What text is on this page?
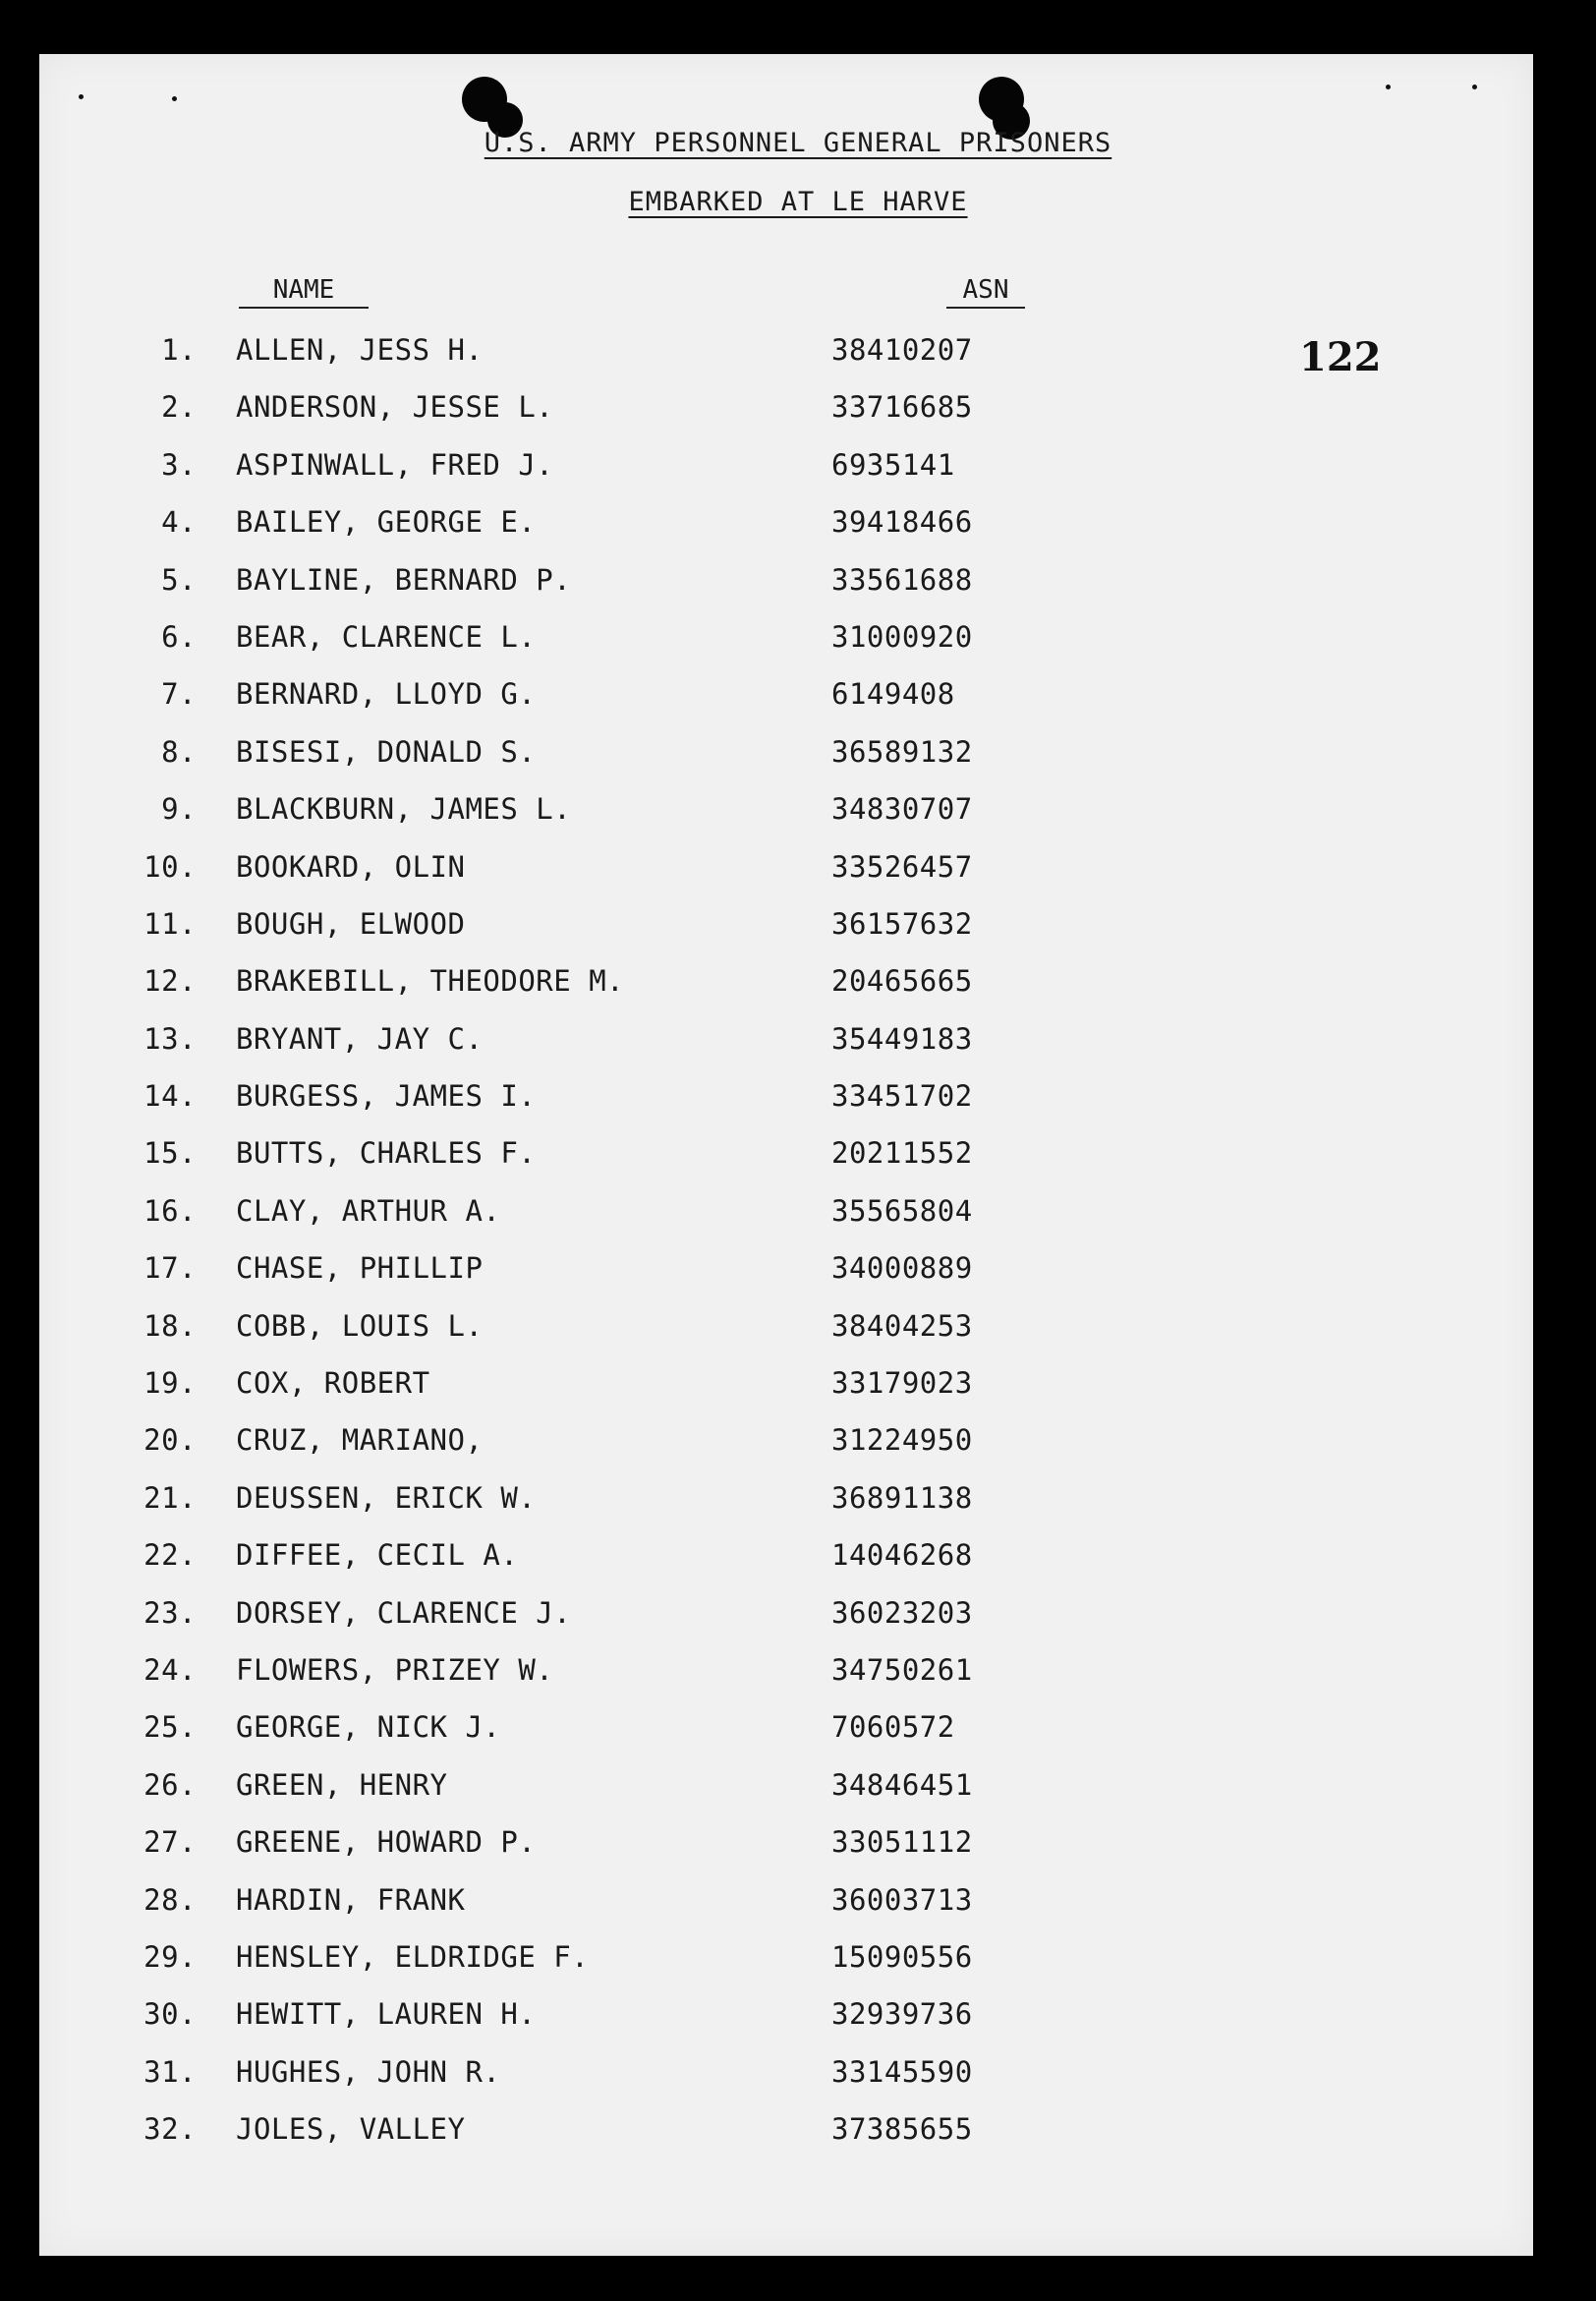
U.S. ARMY PERSONNEL GENERAL PRISONERS
EMBARKED AT LE HARVE
NAME	ASN
122
1. ALLEN, JESS H.	38410207
2. ANDERSON, JESSE L.	33716685
3. ASPINWALL, FRED J.	6935141
4. BAILEY, GEORGE E.	39418466
5. BAYLINE, BERNARD P.	33561688
6. BEAR, CLARENCE L.	31000920
7. BERNARD, LLOYD G.	6149408
8. BISESI, DONALD S.	36589132
9. BLACKBURN, JAMES L.	34830707
10. BOOKARD, OLIN	33526457
11. BOUGH, ELWOOD	36157632
12. BRAKEBILL, THEODORE M.	20465665
13. BRYANT, JAY C.	35449183
14. BURGESS, JAMES I.	33451702
15. BUTTS, CHARLES F.	20211552
16. CLAY, ARTHUR A.	35565804
17. CHASE, PHILLIP	34000889
18. COBB, LOUIS L.	38404253
19. COX, ROBERT	33179023
20. CRUZ, MARIANO,	31224950
21. DEUSSEN, ERICK W.	36891138
22. DIFFEE, CECIL A.	14046268
23. DORSEY, CLARENCE J.	36023203
24. FLOWERS, PRIZEY W.	34750261
25. GEORGE, NICK J.	7060572
26. GREEN, HENRY	34846451
27. GREENE, HOWARD P.	33051112
28. HARDIN, FRANK	36003713
29. HENSLEY, ELDRIDGE F.	15090556
30. HEWITT, LAUREN H.	32939736
31. HUGHES, JOHN R.	33145590
32. JOLES, VALLEY	37385655
